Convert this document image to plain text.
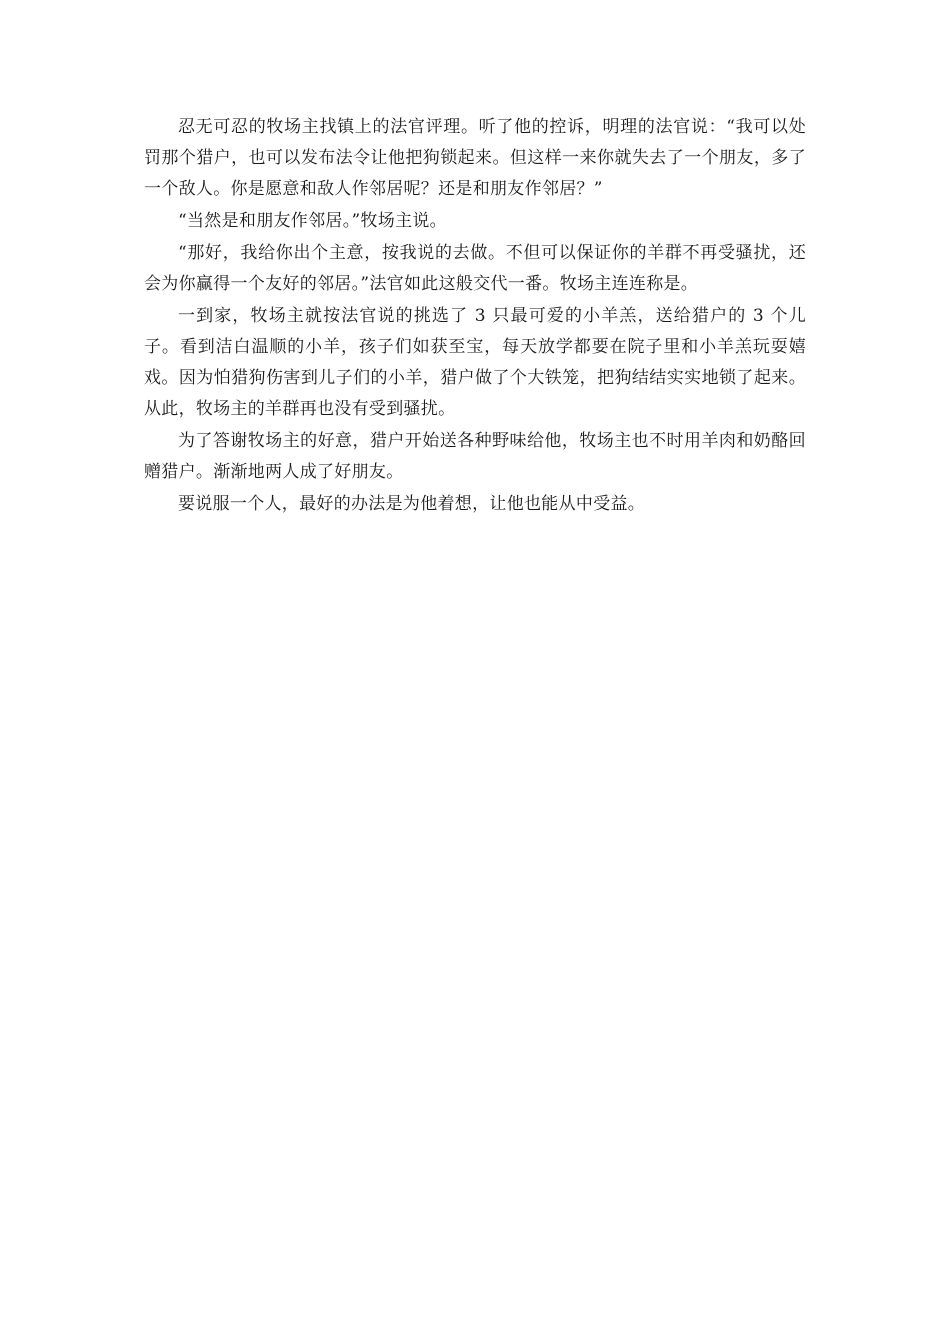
忍无可忍的牧场主找镇上的法官评理。听了他的控诉，明理的法官说：“我可以处罚那个猎户，也可以发布法令让他把狗锁起来。但这样一来你就失去了一个朋友，多了一个敌人。你是愿意和敌人作邻居呢？还是和朋友作邻居？”

“当然是和朋友作邻居。”牧场主说。

“那好，我给你出个主意，按我说的去做。不但可以保证你的羊群不再受骚扰，还会为你赢得一个友好的邻居。”法官如此这般交代一番。牧场主连连称是。

一到家，牧场主就按法官说的挑选了 3 只最可爱的小羊羔，送给猎户的 3 个儿子。看到洁白温顺的小羊，孩子们如获至宝，每天放学都要在院子里和小羊羔玩耍嬉戏。因为怕猎狗伤害到儿子们的小羊，猎户做了个大铁笼，把狗结结实实地锁了起来。从此，牧场主的羊群再也没有受到骚扰。

为了答谢牧场主的好意，猎户开始送各种野味给他，牧场主也不时用羊肉和奶酪回赠猎户。渐渐地两人成了好朋友。

要说服一个人，最好的办法是为他着想，让他也能从中受益。
